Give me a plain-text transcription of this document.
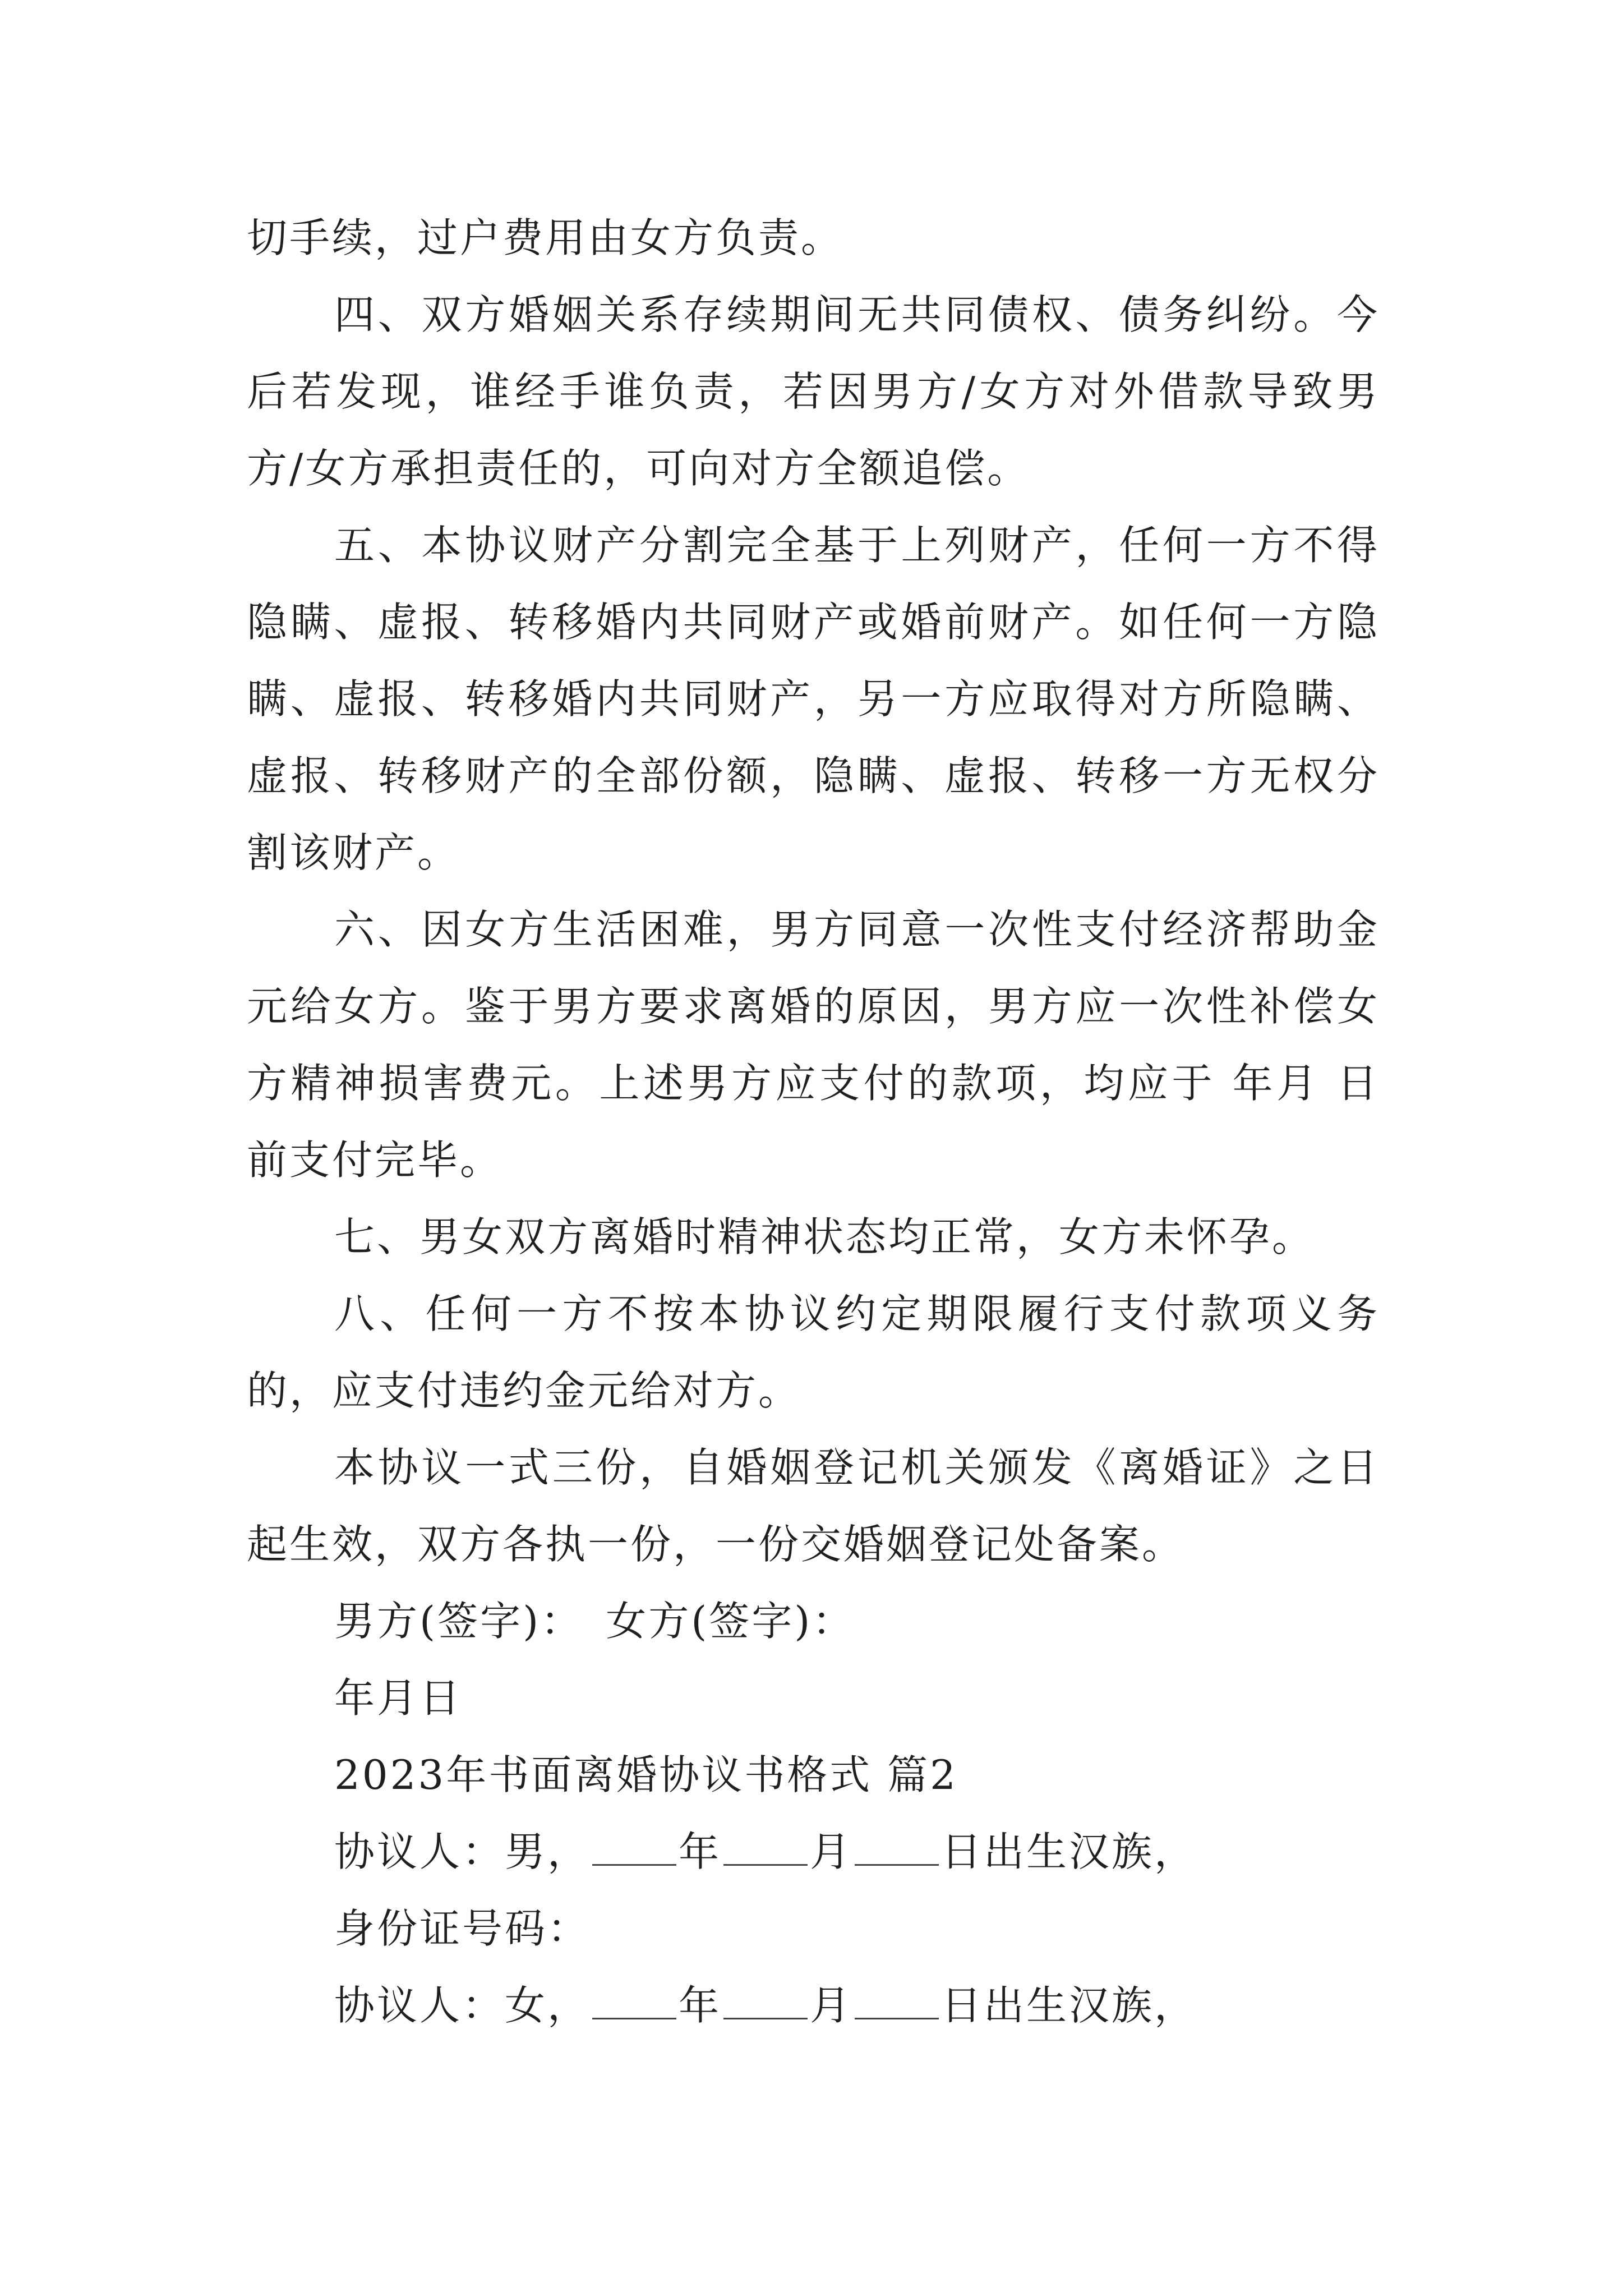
切手续，过户费用由女方负责。

四、双方婚姻关系存续期间无共同债权、债务纠纷。今后若发现，谁经手谁负责，若因男方/女方对外借款导致男方/女方承担责任的，可向对方全额追偿。

五、本协议财产分割完全基于上列财产，任何一方不得隐瞒、虚报、转移婚内共同财产或婚前财产。如任何一方隐瞒、虚报、转移婚内共同财产，另一方应取得对方所隐瞒、虚报、转移财产的全部份额，隐瞒、虚报、转移一方无权分割该财产。

六、因女方生活困难，男方同意一次性支付经济帮助金元给女方。鉴于男方要求离婚的原因，男方应一次性补偿女方精神损害费元。上述男方应支付的款项，均应于 年月 日前支付完毕。

七、男女双方离婚时精神状态均正常，女方未怀孕。

八、任何一方不按本协议约定期限履行支付款项义务的，应支付违约金元给对方。

本协议一式三份，自婚姻登记机关颁发《离婚证》之日起生效，双方各执一份，一份交婚姻登记处备案。

男方(签字)： 女方(签字)：

年月日

2023年书面离婚协议书格式 篇2

协议人：男， 年 月 日出生汉族，

身份证号码：

协议人：女， 年 月 日出生汉族，
